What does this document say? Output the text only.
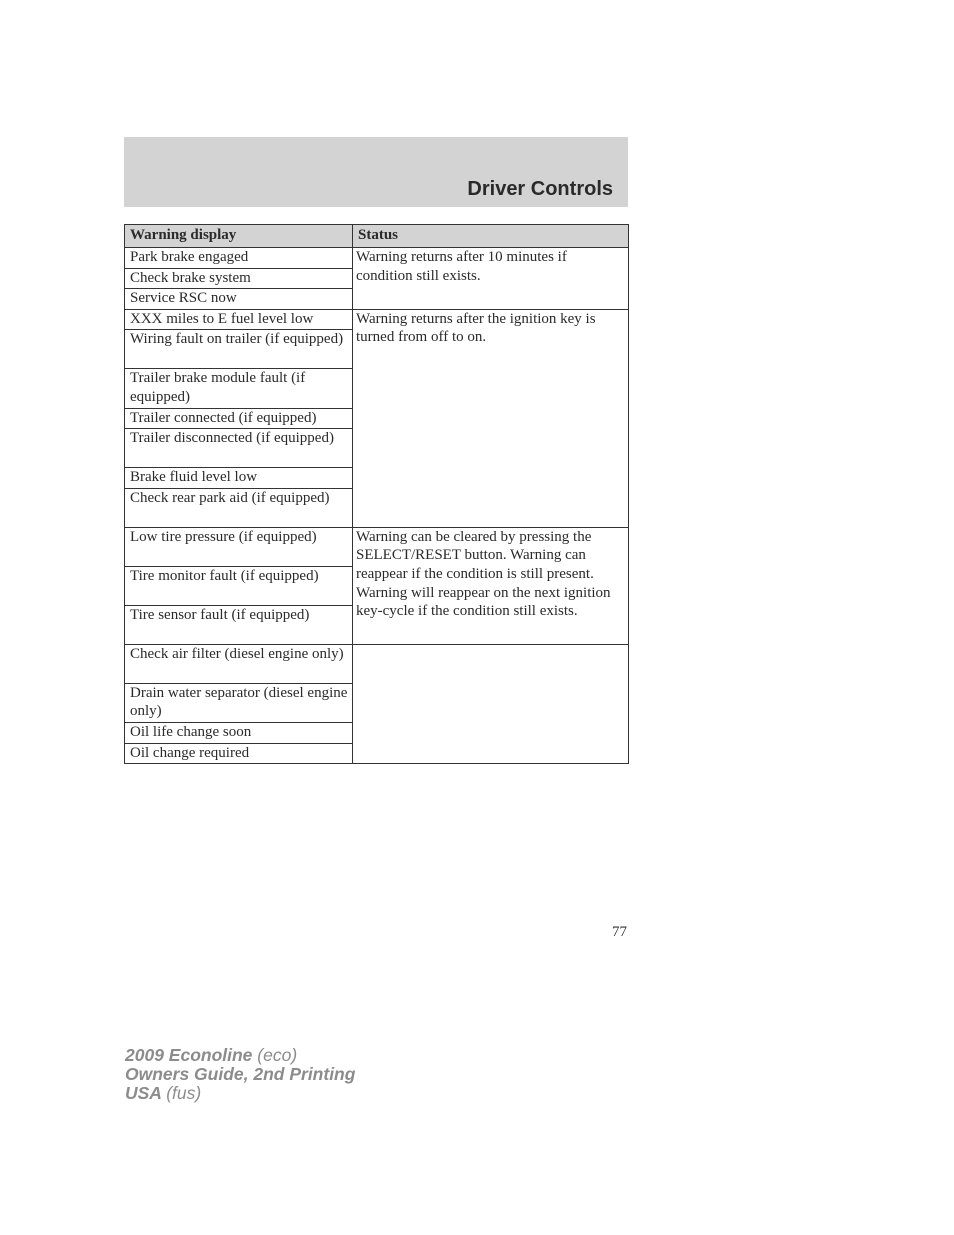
Driver Controls
Warning display	Status
Park brake engaged	Warning returns after 10 minutes if condition still exists.
Check brake system	
Service RSC now	
XXX miles to E fuel level low	Warning returns after the ignition key is turned from off to on.
Wiring fault on trailer (if equipped)	
Trailer brake module fault (if equipped)	
Trailer connected (if equipped)	
Trailer disconnected (if equipped)	
Brake fluid level low	
Check rear park aid (if equipped)	
Low tire pressure (if equipped)	Warning can be cleared by pressing the SELECT/RESET button. Warning can reappear if the condition is still present. Warning will reappear on the next ignition key-cycle if the condition still exists.
Tire monitor fault (if equipped)	
Tire sensor fault (if equipped)	
Check air filter (diesel engine only)	
Drain water separator (diesel engine only)	
Oil life change soon	
Oil change required	
77
2009 Econoline (eco)
Owners Guide, 2nd Printing
USA (fus)
